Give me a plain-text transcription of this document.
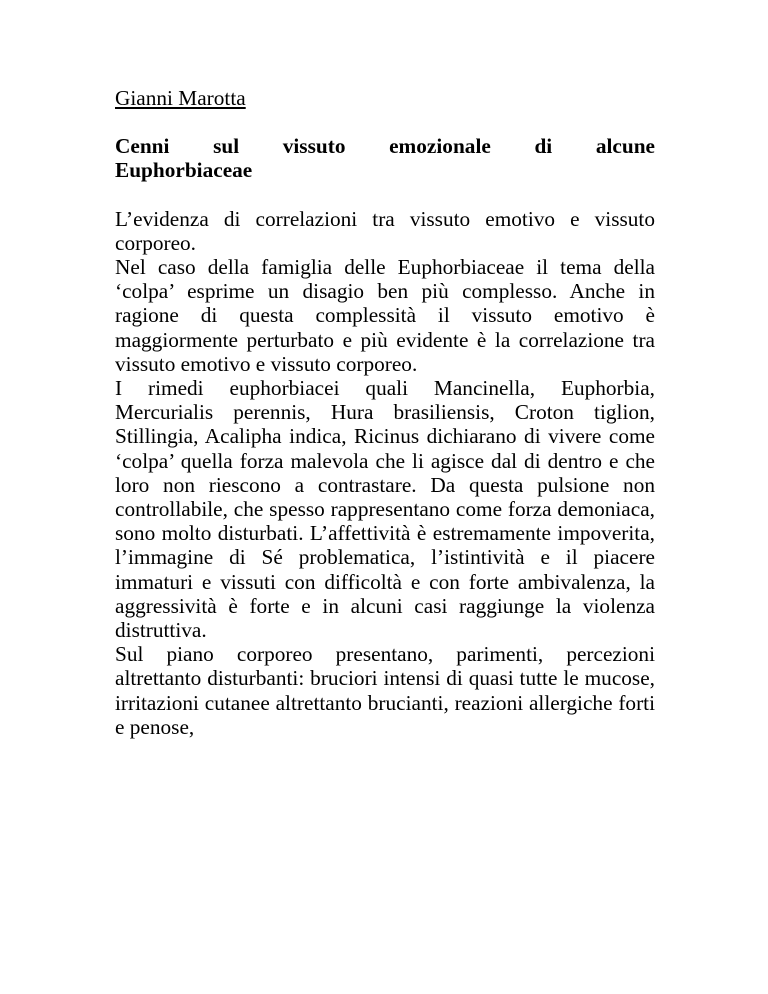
Gianni Marotta

Cenni sul vissuto emozionale di alcune
Euphorbiaceae

L’evidenza di correlazioni tra vissuto emotivo e vissuto corporeo.

Nel caso della famiglia delle Euphorbiaceae il tema della ‘colpa’ esprime un disagio ben più complesso. Anche in ragione di questa complessità il vissuto emotivo è maggiormente perturbato e più evidente è la correlazione tra vissuto emotivo e vissuto corporeo.

I rimedi euphorbiacei quali Mancinella, Euphorbia, Mercurialis perennis, Hura brasiliensis, Croton tiglion, Stillingia, Acalipha indica, Ricinus dichiarano di vivere come ‘colpa’ quella forza malevola che li agisce dal di dentro e che loro non riescono a contrastare. Da questa pulsione non controllabile, che spesso rappresentano come forza demoniaca, sono molto disturbati. L’affettività è estremamente impoverita, l’immagine di Sé problematica, l’istintività e il piacere immaturi e vissuti con difficoltà e con forte ambivalenza, la aggressività è forte e in alcuni casi raggiunge la violenza distruttiva.

Sul piano corporeo presentano, parimenti, percezioni altrettanto disturbanti: bruciori intensi di quasi tutte le mucose, irritazioni cutanee altrettanto brucianti, reazioni allergiche forti e penose,
